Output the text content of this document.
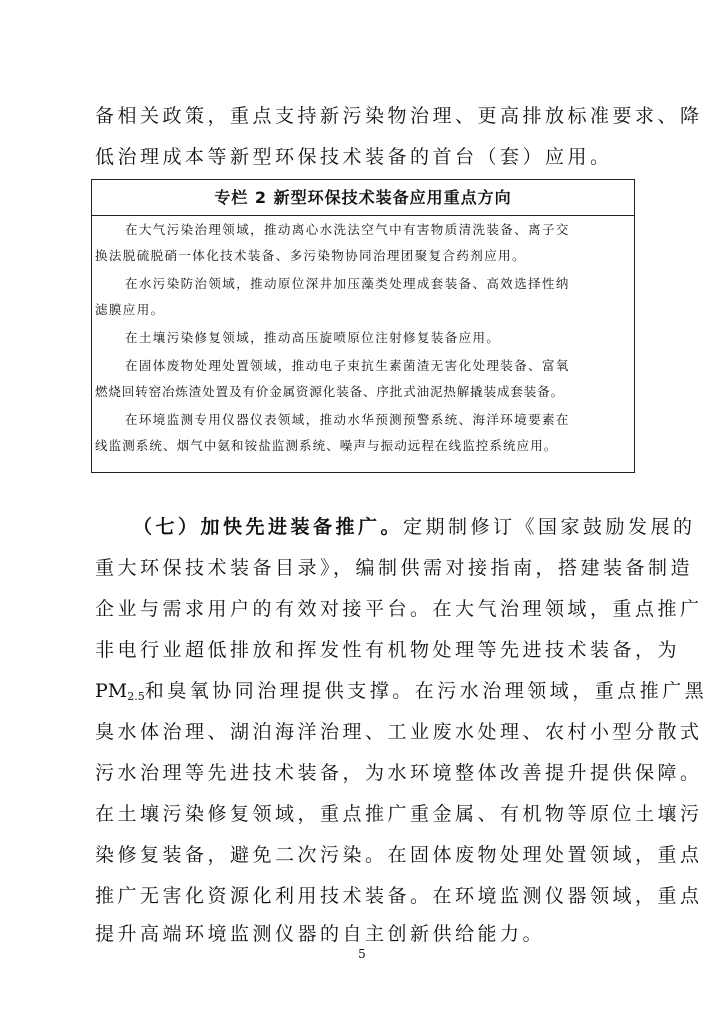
备相关政策，重点支持新污染物治理、更高排放标准要求、降
低治理成本等新型环保技术装备的首台（套）应用。
专栏 2 新型环保技术装备应用重点方向
在大气污染治理领域，推动离心水洗法空气中有害物质清洗装备、离子交
换法脱硫脱硝一体化技术装备、多污染物协同治理团聚复合药剂应用。
在水污染防治领域，推动原位深井加压藻类处理成套装备、高效选择性纳
滤膜应用。
在土壤污染修复领域，推动高压旋喷原位注射修复装备应用。
在固体废物处理处置领域，推动电子束抗生素菌渣无害化处理装备、富氧
燃烧回转窑冶炼渣处置及有价金属资源化装备、序批式油泥热解撬装成套装备。
在环境监测专用仪器仪表领域，推动水华预测预警系统、海洋环境要素在
线监测系统、烟气中氨和铵盐监测系统、噪声与振动远程在线监控系统应用。
（七）加快先进装备推广。定期制修订《国家鼓励发展的
重大环保技术装备目录》，编制供需对接指南，搭建装备制造
企业与需求用户的有效对接平台。在大气治理领域，重点推广
非电行业超低排放和挥发性有机物处理等先进技术装备，为
$PM_{2.5}$和臭氧协同治理提供支撑。在污水治理领域，重点推广黑
臭水体治理、湖泊海洋治理、工业废水处理、农村小型分散式
污水治理等先进技术装备，为水环境整体改善提升提供保障。
在土壤污染修复领域，重点推广重金属、有机物等原位土壤污
染修复装备，避免二次污染。在固体废物处理处置领域，重点
推广无害化资源化利用技术装备。在环境监测仪器领域，重点
提升高端环境监测仪器的自主创新供给能力。
5
